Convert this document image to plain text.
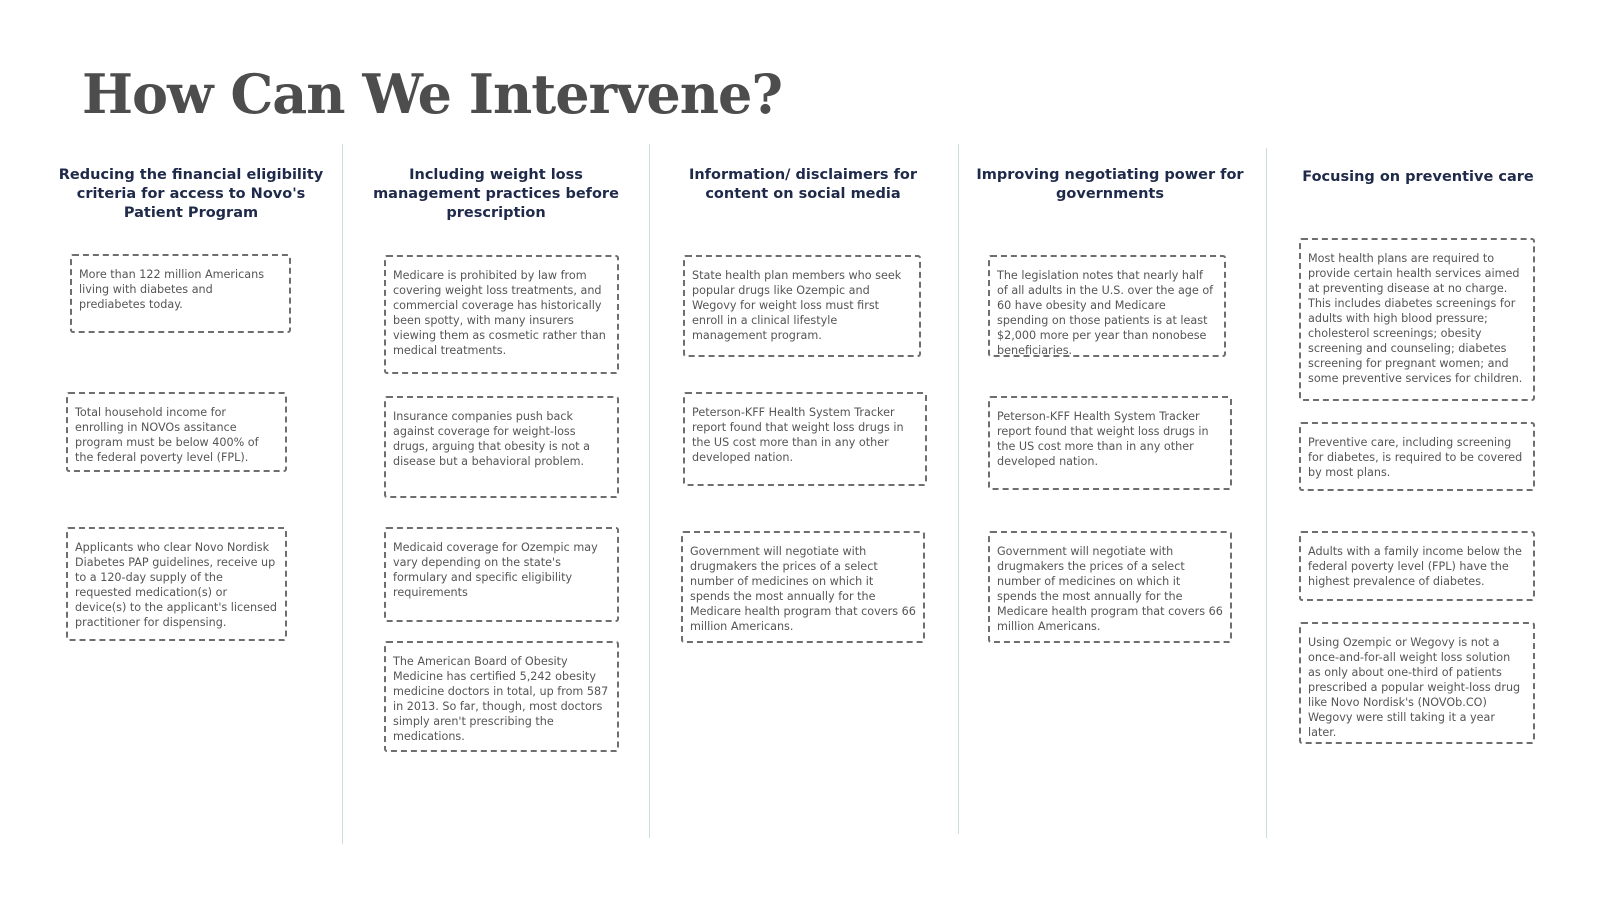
How Can We Intervene?
Reducing the financial eligibility criteria for access to Novo's Patient Program
More than 122 million Americans living with diabetes and prediabetes today.
Total household income for enrolling in NOVOs assitance program must be below 400% of the federal poverty level (FPL).
Applicants who clear Novo Nordisk Diabetes PAP guidelines, receive up to a 120-day supply of the requested medication(s) or device(s) to the applicant's licensed practitioner for dispensing.
Including weight loss management practices before prescription
Medicare is prohibited by law from covering weight loss treatments, and commercial coverage has historically been spotty, with many insurers viewing them as cosmetic rather than medical treatments.
Insurance companies push back against coverage for weight-loss drugs, arguing that obesity is not a disease but a behavioral problem.
Medicaid coverage for Ozempic may vary depending on the state's formulary and specific eligibility requirements
The American Board of Obesity Medicine has certified 5,242 obesity medicine doctors in total, up from 587 in 2013. So far, though, most doctors simply aren't prescribing the medications.
Information/ disclaimers for content on social media
State health plan members who seek popular drugs like Ozempic and Wegovy for weight loss must first enroll in a clinical lifestyle management program.
Peterson-KFF Health System Tracker report found that weight loss drugs in the US cost more than in any other developed nation.
Government will negotiate with drugmakers the prices of a select number of medicines on which it spends the most annually for the Medicare health program that covers 66 million Americans.
Improving negotiating power for governments
The legislation notes that nearly half of all adults in the U.S. over the age of 60 have obesity and Medicare spending on those patients is at least $2,000 more per year than nonobese beneficiaries.
Peterson-KFF Health System Tracker report found that weight loss drugs in the US cost more than in any other developed nation.
Government will negotiate with drugmakers the prices of a select number of medicines on which it spends the most annually for the Medicare health program that covers 66 million Americans.
Focusing on preventive care
Most health plans are required to provide certain health services aimed at preventing disease at no charge. This includes diabetes screenings for adults with high blood pressure; cholesterol screenings; obesity screening and counseling; diabetes screening for pregnant women; and some preventive services for children.
Preventive care, including screening for diabetes, is required to be covered by most plans.
Adults with a family income below the federal poverty level (FPL) have the highest prevalence of diabetes.
Using Ozempic or Wegovy is not a once-and-for-all weight loss solution as only about one-third of patients prescribed a popular weight-loss drug like Novo Nordisk's (NOVOb.CO) Wegovy were still taking it a year later.
